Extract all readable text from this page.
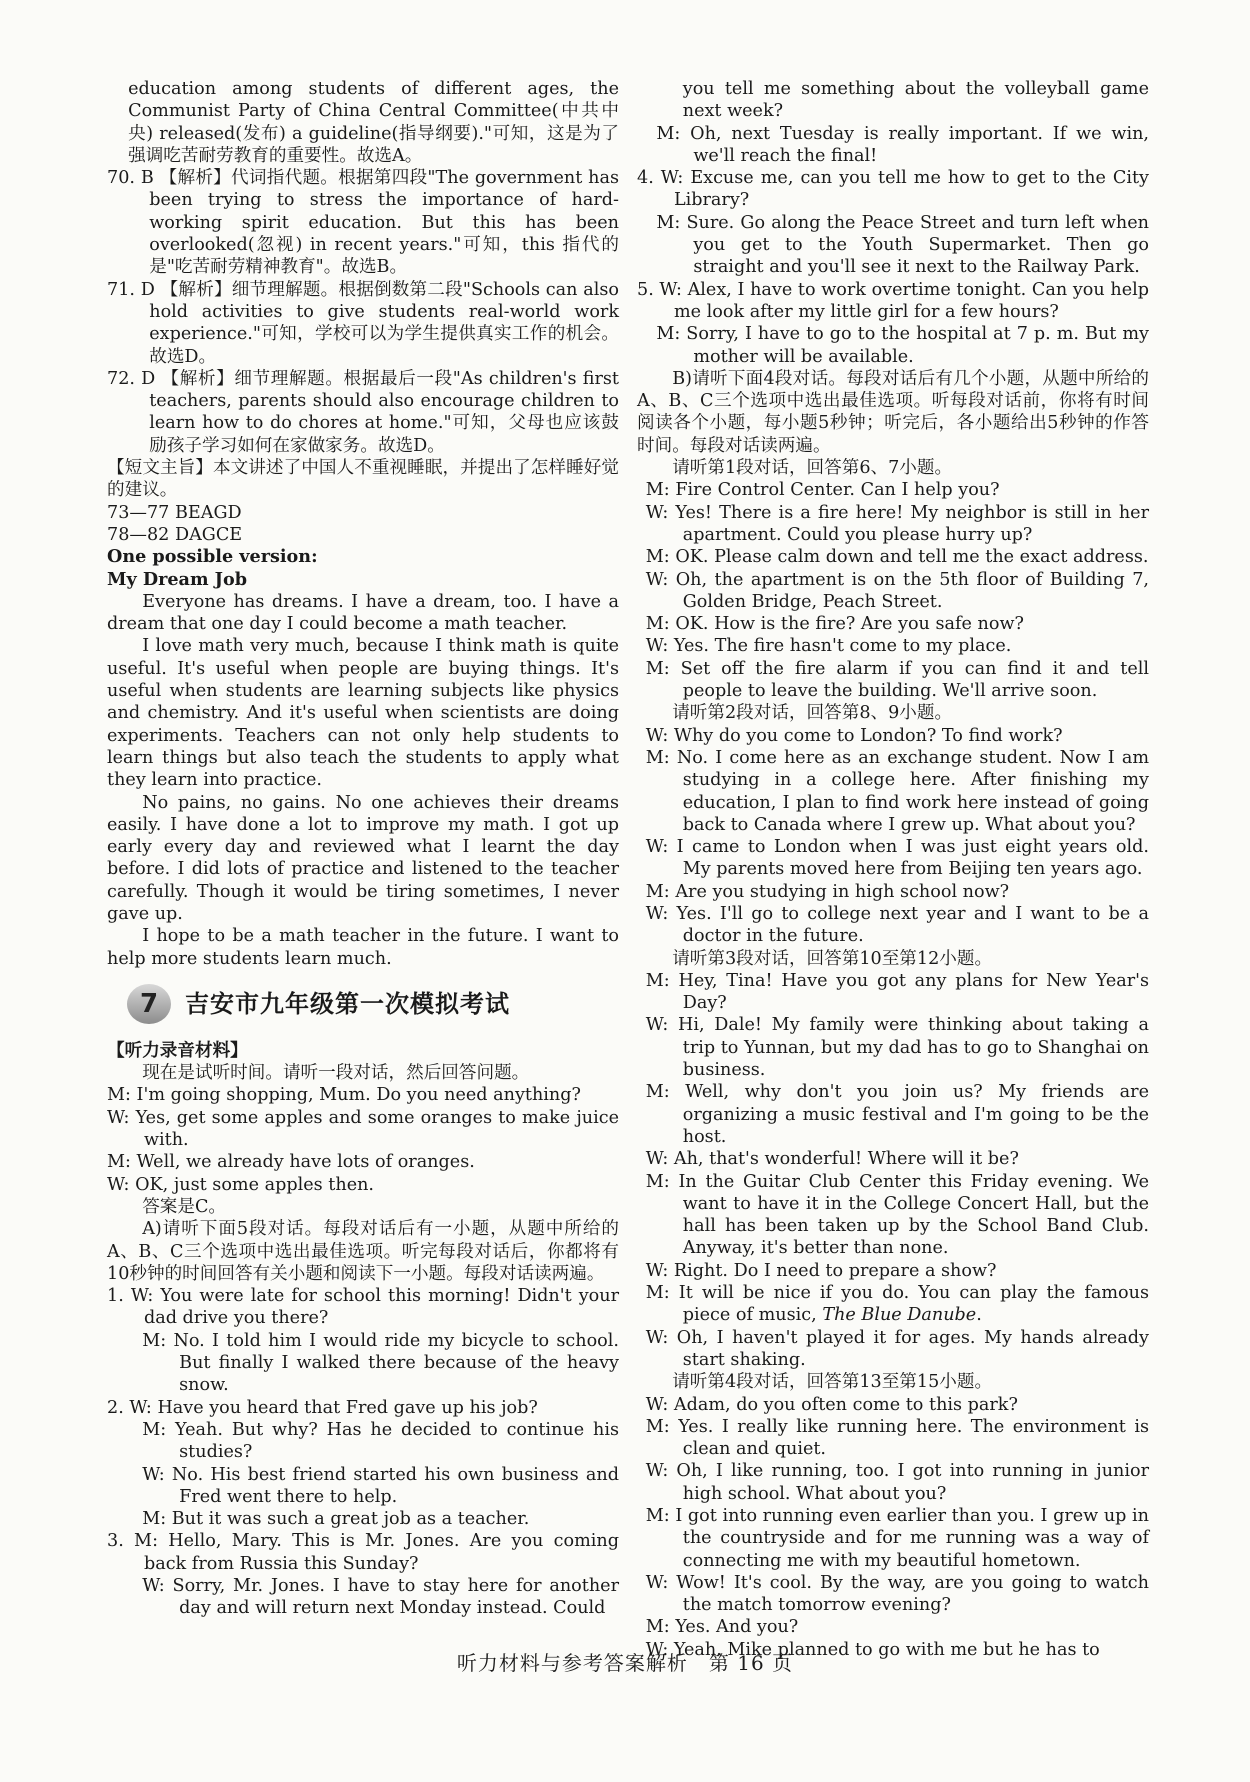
education among students of different ages, the Communist Party of China Central Committee(中共中央) released(发布) a guideline(指导纲要)."可知，这是为了强调吃苦耐劳教育的重要性。故选A。

70. B 【解析】代词指代题。根据第四段"The government has been trying to stress the importance of hard-working spirit education. But this has been overlooked(忽视) in recent years."可知，this 指代的是"吃苦耐劳精神教育"。故选B。

71. D 【解析】细节理解题。根据倒数第二段"Schools can also hold activities to give students real-world work experience."可知，学校可以为学生提供真实工作的机会。故选D。

72. D 【解析】细节理解题。根据最后一段"As children's first teachers, parents should also encourage children to learn how to do chores at home."可知，父母也应该鼓励孩子学习如何在家做家务。故选D。

【短文主旨】本文讲述了中国人不重视睡眠，并提出了怎样睡好觉的建议。

73—77 BEAGD

78—82 DAGCE

One possible version:

My Dream Job

Everyone has dreams. I have a dream, too. I have a dream that one day I could become a math teacher.

I love math very much, because I think math is quite useful. It's useful when people are buying things. It's useful when students are learning subjects like physics and chemistry. And it's useful when scientists are doing experiments. Teachers can not only help students to learn things but also teach the students to apply what they learn into practice.

No pains, no gains. No one achieves their dreams easily. I have done a lot to improve my math. I got up early every day and reviewed what I learnt the day before. I did lots of practice and listened to the teacher carefully. Though it would be tiring sometimes, I never gave up.

I hope to be a math teacher in the future. I want to help more students learn much.

7	吉安市九年级第一次模拟考试

【听力录音材料】

现在是试听时间。请听一段对话，然后回答问题。

M: I'm going shopping, Mum. Do you need anything?

W: Yes, get some apples and some oranges to make juice with.

M: Well, we already have lots of oranges.

W: OK, just some apples then.

答案是C。

A)请听下面5段对话。每段对话后有一小题，从题中所给的A、B、C三个选项中选出最佳选项。听完每段对话后，你都将有10秒钟的时间回答有关小题和阅读下一小题。每段对话读两遍。

1. W: You were late for school this morning! Didn't your dad drive you there?

M: No. I told him I would ride my bicycle to school. But finally I walked there because of the heavy snow.

2. W: Have you heard that Fred gave up his job?

M: Yeah. But why? Has he decided to continue his studies?

W: No. His best friend started his own business and Fred went there to help.

M: But it was such a great job as a teacher.

3. M: Hello, Mary. This is Mr. Jones. Are you coming back from Russia this Sunday?

W: Sorry, Mr. Jones. I have to stay here for another day and will return next Monday instead. Could

you tell me something about the volleyball game next week?

M: Oh, next Tuesday is really important. If we win, we'll reach the final!

4. W: Excuse me, can you tell me how to get to the City Library?

M: Sure. Go along the Peace Street and turn left when you get to the Youth Supermarket. Then go straight and you'll see it next to the Railway Park.

5. W: Alex, I have to work overtime tonight. Can you help me look after my little girl for a few hours?

M: Sorry, I have to go to the hospital at 7 p. m. But my mother will be available.

B)请听下面4段对话。每段对话后有几个小题，从题中所给的A、B、C三个选项中选出最佳选项。听每段对话前，你将有时间阅读各个小题，每小题5秒钟；听完后，各小题给出5秒钟的作答时间。每段对话读两遍。

请听第1段对话，回答第6、7小题。

M: Fire Control Center. Can I help you?

W: Yes! There is a fire here! My neighbor is still in her apartment. Could you please hurry up?

M: OK. Please calm down and tell me the exact address.

W: Oh, the apartment is on the 5th floor of Building 7, Golden Bridge, Peach Street.

M: OK. How is the fire? Are you safe now?

W: Yes. The fire hasn't come to my place.

M: Set off the fire alarm if you can find it and tell people to leave the building. We'll arrive soon.

请听第2段对话，回答第8、9小题。

W: Why do you come to London? To find work?

M: No. I come here as an exchange student. Now I am studying in a college here. After finishing my education, I plan to find work here instead of going back to Canada where I grew up. What about you?

W: I came to London when I was just eight years old. My parents moved here from Beijing ten years ago.

M: Are you studying in high school now?

W: Yes. I'll go to college next year and I want to be a doctor in the future.

请听第3段对话，回答第10至第12小题。

M: Hey, Tina! Have you got any plans for New Year's Day?

W: Hi, Dale! My family were thinking about taking a trip to Yunnan, but my dad has to go to Shanghai on business.

M: Well, why don't you join us? My friends are organizing a music festival and I'm going to be the host.

W: Ah, that's wonderful! Where will it be?

M: In the Guitar Club Center this Friday evening. We want to have it in the College Concert Hall, but the hall has been taken up by the School Band Club. Anyway, it's better than none.

W: Right. Do I need to prepare a show?

M: It will be nice if you do. You can play the famous piece of music, The Blue Danube.

W: Oh, I haven't played it for ages. My hands already start shaking.

请听第4段对话，回答第13至第15小题。

W: Adam, do you often come to this park?

M: Yes. I really like running here. The environment is clean and quiet.

W: Oh, I like running, too. I got into running in junior high school. What about you?

M: I got into running even earlier than you. I grew up in the countryside and for me running was a way of connecting me with my beautiful hometown.

W: Wow! It's cool. By the way, are you going to watch the match tomorrow evening?

M: Yes. And you?

W: Yeah. Mike planned to go with me but he has to

听力材料与参考答案解析　第 16 页
